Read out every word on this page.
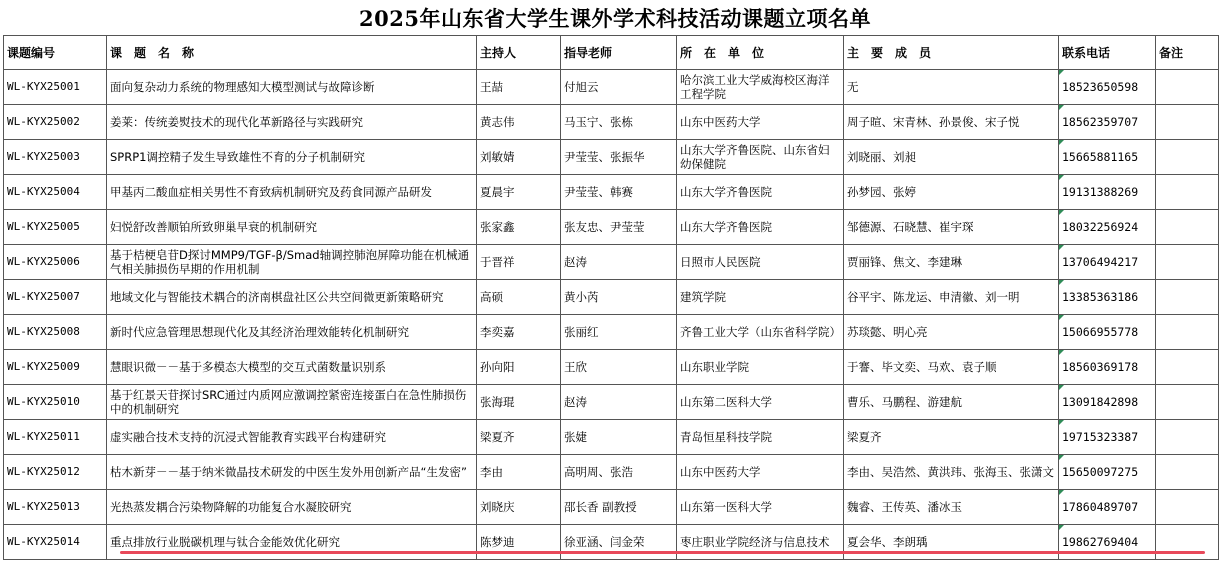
2025年山东省大学生课外学术科技活动课题立项名单
课题编号	课　题　名　称	主持人	指导老师	所　在　单　位	主　要　成　员	联系电话	备注
WL-KYX25001	面向复杂动力系统的物理感知大模型测试与故障诊断	王喆	付旭云	哈尔滨工业大学威海校区海洋工程学院	无	18523650598	
WL-KYX25002	姜莱：传统姜熨技术的现代化革新路径与实践研究	黄志伟	马玉宁、张栋	山东中医药大学	周子暄、宋青林、孙景俊、宋子悦	18562359707	
WL-KYX25003	SPRP1调控精子发生导致雄性不育的分子机制研究	刘敏婧	尹莹莹、张振华	山东大学齐鲁医院、山东省妇幼保健院	刘晓丽、刘昶	15665881165	
WL-KYX25004	甲基丙二酸血症相关男性不育致病机制研究及药食同源产品研发	夏晨宇	尹莹莹、韩赛	山东大学齐鲁医院	孙梦园、张婷	19131388269	
WL-KYX25005	妇悦舒改善顺铂所致卵巢早衰的机制研究	张家鑫	张友忠、尹莹莹	山东大学齐鲁医院	邹德源、石晓慧、崔宇琛	18032256924	
WL-KYX25006	基于桔梗皂苷D探讨MMP9/TGF-β/Smad轴调控肺泡屏障功能在机械通气相关肺损伤早期的作用机制	于晋祥	赵涛	日照市人民医院	贾丽锋、焦文、李建琳	13706494217	
WL-KYX25007	地域文化与智能技术耦合的济南棋盘社区公共空间微更新策略研究	高硕	黄小芮	建筑学院	谷平宇、陈龙运、申清徽、刘一明	13385363186	
WL-KYX25008	新时代应急管理思想现代化及其经济治理效能转化机制研究	李奕嘉	张丽红	齐鲁工业大学（山东省科学院）	苏琰懿、明心亮	15066955778	
WL-KYX25009	慧眼识微－－基于多模态大模型的交互式菌数量识别系	孙向阳	王欣	山东职业学院	于謇、毕文奕、马欢、袁子顺	18560369178	
WL-KYX25010	基于红景天苷探讨SRC通过内质网应激调控紧密连接蛋白在急性肺损伤中的机制研究	张海琨	赵涛	山东第二医科大学	曹乐、马鹏程、游建航	13091842898	
WL-KYX25011	虚实融合技术支持的沉浸式智能教育实践平台构建研究	梁夏齐	张婕	青岛恒星科技学院	梁夏齐	19715323387	
WL-KYX25012	枯木新芽－－基于纳米微晶技术研发的中医生发外用创新产品“生发密”	李由	高明周、张浩	山东中医药大学	李由、吴浩然、黄洪玮、张海玉、张潇文	15650097275	
WL-KYX25013	光热蒸发耦合污染物降解的功能复合水凝胶研究	刘晓庆	邵长香 副教授	山东第一医科大学	魏睿、王传英、潘冰玉	17860489707	
WL-KYX25014	重点排放行业脱碳机理与钛合金能效优化研究	陈梦迪	徐亚涵、闫金荣	枣庄职业学院经济与信息技术	夏会华、李朗瑀	19862769404	
